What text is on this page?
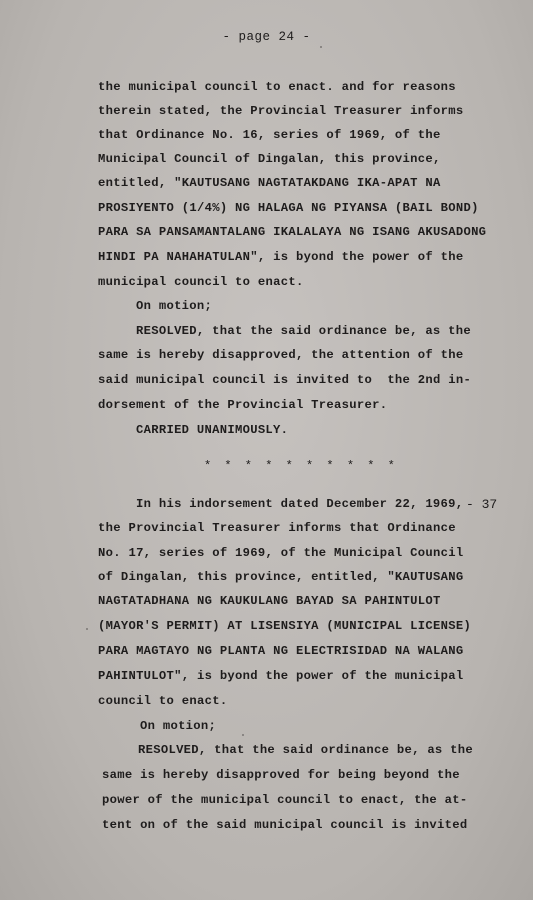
- page 24 -
the municipal council to enact. and for reasons
therein stated, the Provincial Treasurer informs
that Ordinance No. 16, series of 1969, of the
Municipal Council of Dingalan, this province,
entitled, "KAUTUSANG NAGTATAKDANG IKA-APAT NA
PROSIYENTO (1/4%) NG HALAGA NG PIYANSA (BAIL BOND)
PARA SA PANSAMANTALANG IKALALAYA NG ISANG AKUSADONG
HINDI PA NAHAHATULAN", is byond the power of the
municipal council to enact.
On motion;
RESOLVED, that the said ordinance be, as the
same is hereby disapproved, the attention of the
said municipal council is invited to  the 2nd in-
dorsement of the Provincial Treasurer.
CARRIED UNANIMOUSLY.
* * * * * * * * * *
In his indorsement dated December 22, 1969, - 37
the Provincial Treasurer informs that Ordinance
No. 17, series of 1969, of the Municipal Council
of Dingalan, this province, entitled, "KAUTUSANG
NAGTATADHANA NG KAUKULANG BAYAD SA PAHINTULOT
(MAYOR'S PERMIT) AT LISENSIYA (MUNICIPAL LICENSE)
PARA MAGTAYO NG PLANTA NG ELECTRISIDAD NA WALANG
PAHINTULOT", is byond the power of the municipal
council to enact.
On motion;
RESOLVED, that the said ordinance be, as the
same is hereby disapproved for being beyond the
power of the municipal council to enact, the at-
tent on of the said municipal council is invited
